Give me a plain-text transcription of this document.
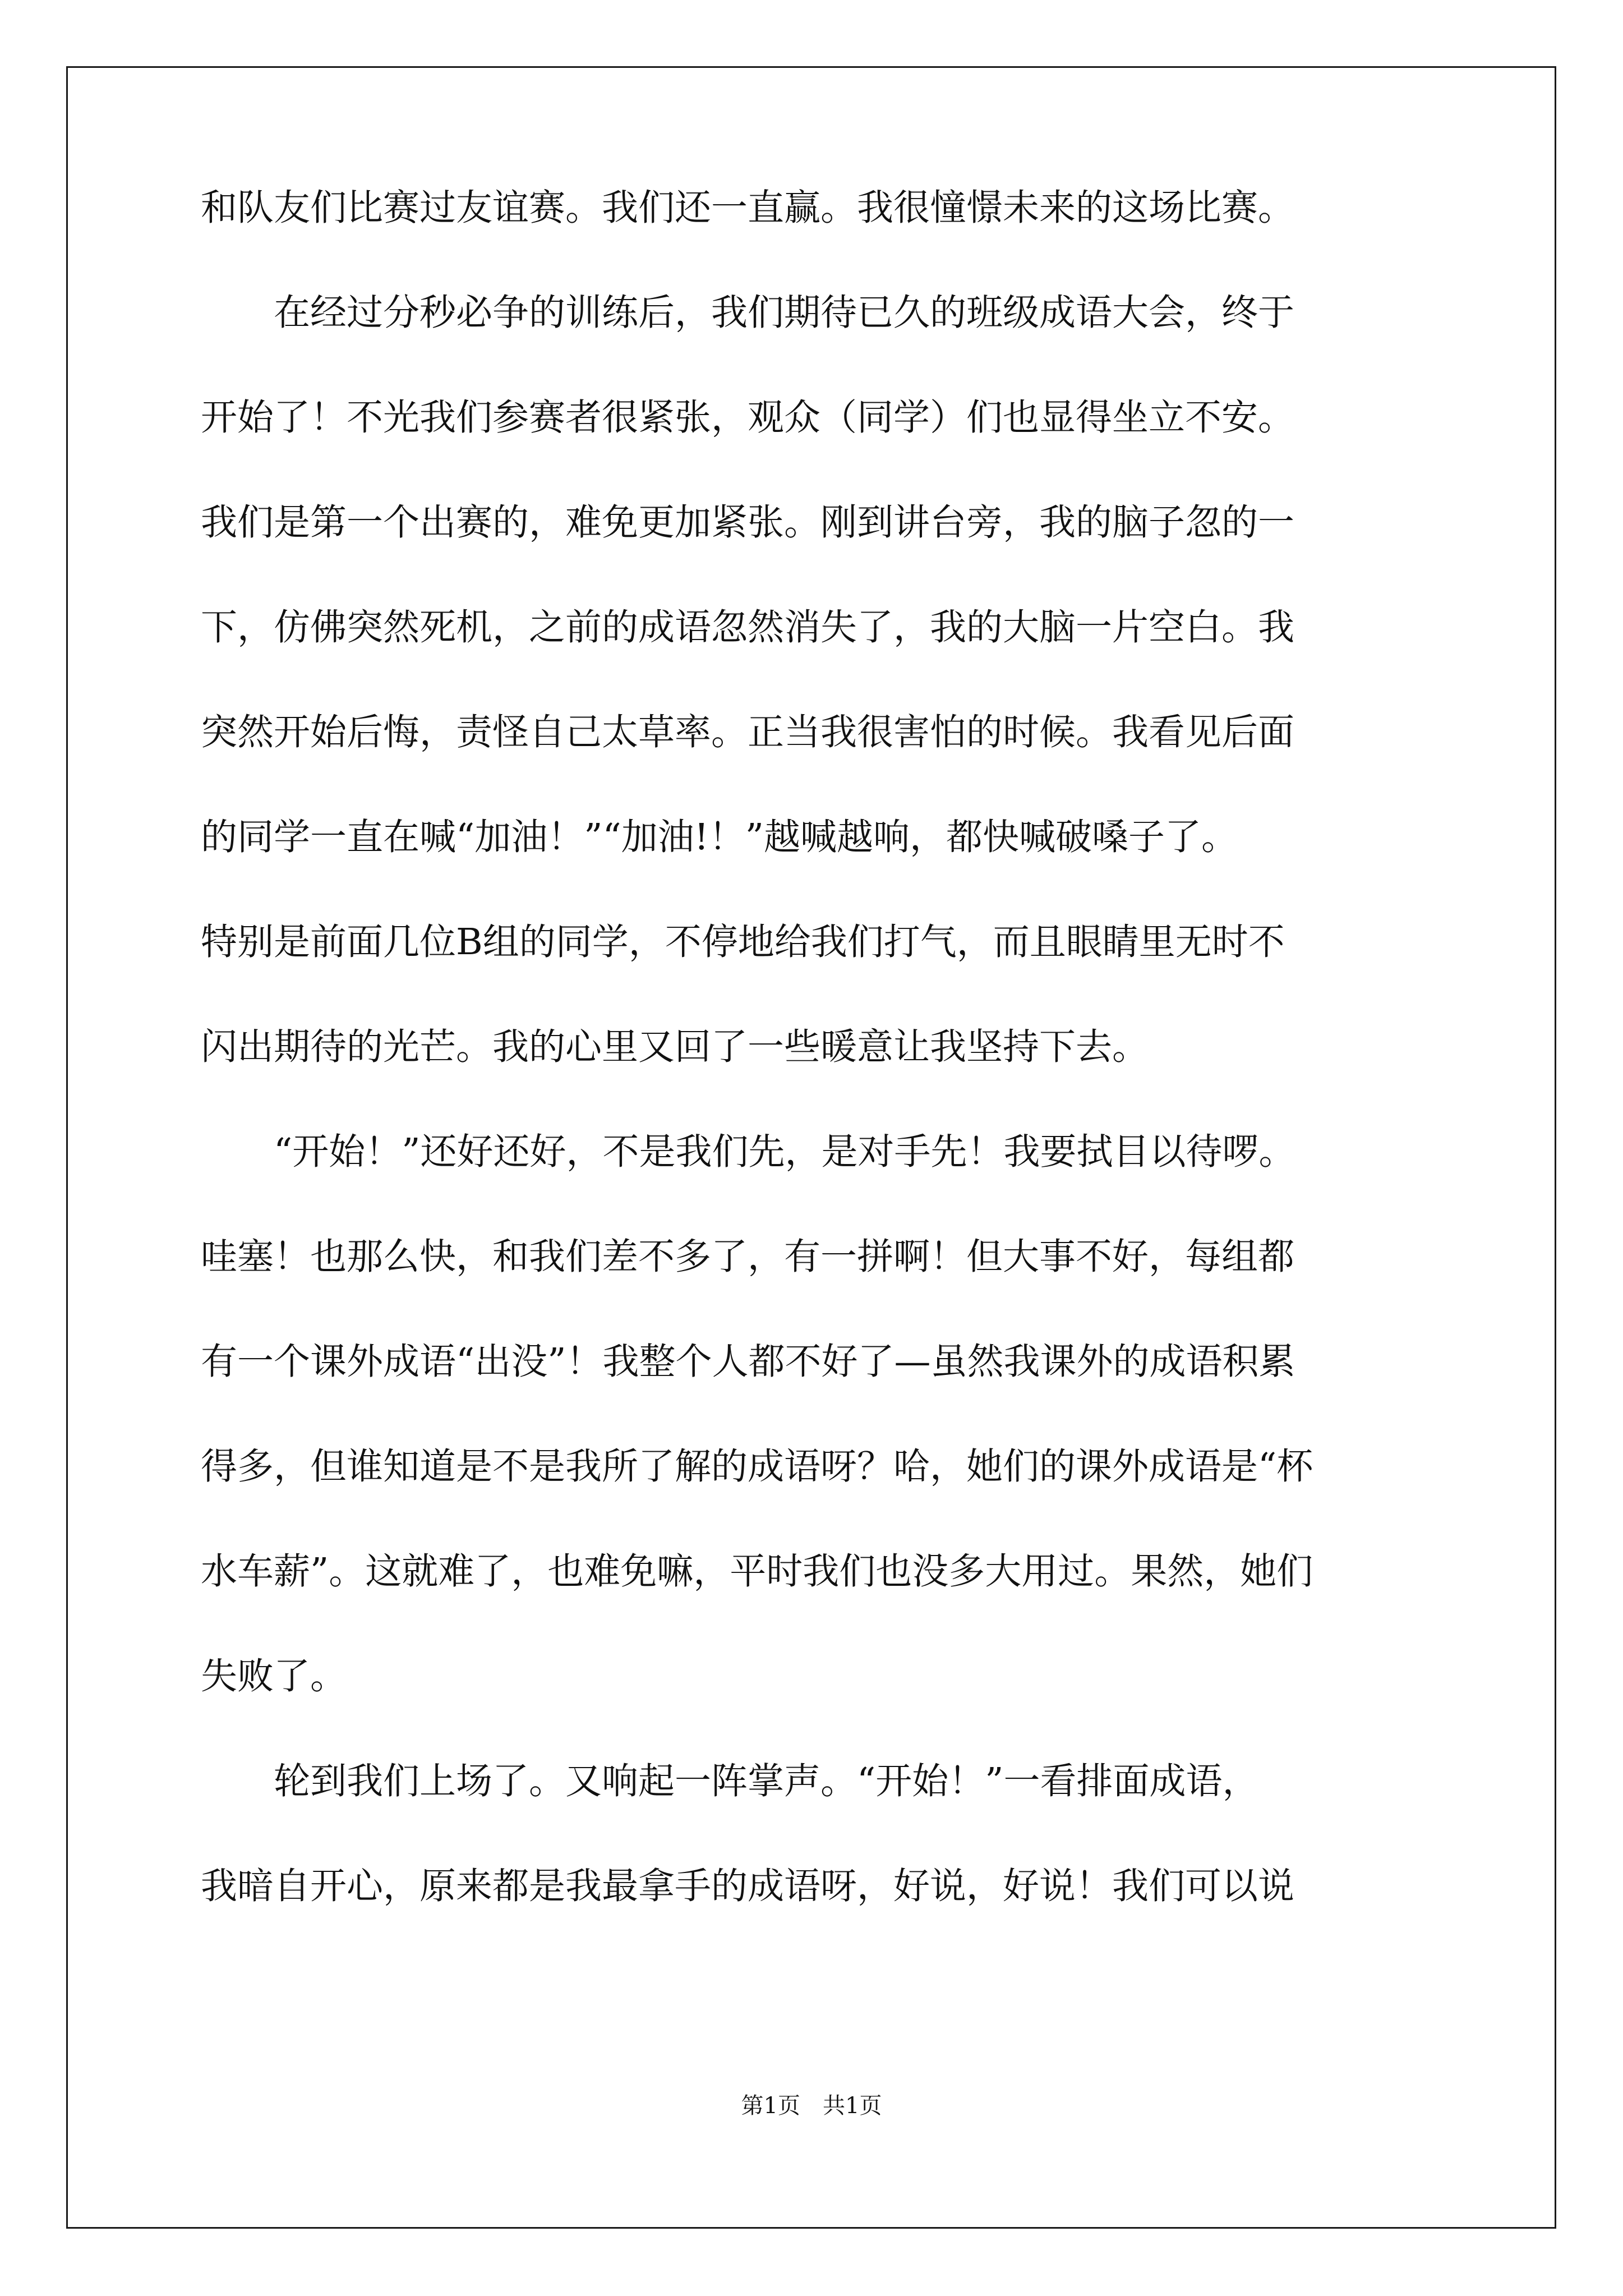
和队友们比赛过友谊赛。我们还一直赢。我很憧憬未来的这场比赛。
　　在经过分秒必争的训练后，我们期待已久的班级成语大会，终于
开始了！不光我们参赛者很紧张，观众（同学）们也显得坐立不安。
我们是第一个出赛的，难免更加紧张。刚到讲台旁，我的脑子忽的一
下，仿佛突然死机，之前的成语忽然消失了，我的大脑一片空白。我
突然开始后悔，责怪自己太草率。正当我很害怕的时候。我看见后面
的同学一直在喊“加油！”“加油!！”越喊越响，都快喊破嗓子了。
特别是前面几位B组的同学，不停地给我们打气，而且眼睛里无时不
闪出期待的光芒。我的心里又回了一些暖意让我坚持下去。
　　“开始！”还好还好，不是我们先，是对手先！我要拭目以待啰。
哇塞！也那么快，和我们差不多了，有一拼啊！但大事不好，每组都
有一个课外成语“出没”！我整个人都不好了—虽然我课外的成语积累
得多，但谁知道是不是我所了解的成语呀？哈，她们的课外成语是“杯
水车薪”。这就难了，也难免嘛，平时我们也没多大用过。果然，她们
失败了。
　　轮到我们上场了。又响起一阵掌声。“开始！”一看排面成语，
我暗自开心，原来都是我最拿手的成语呀，好说，好说！我们可以说
第1页　共1页
